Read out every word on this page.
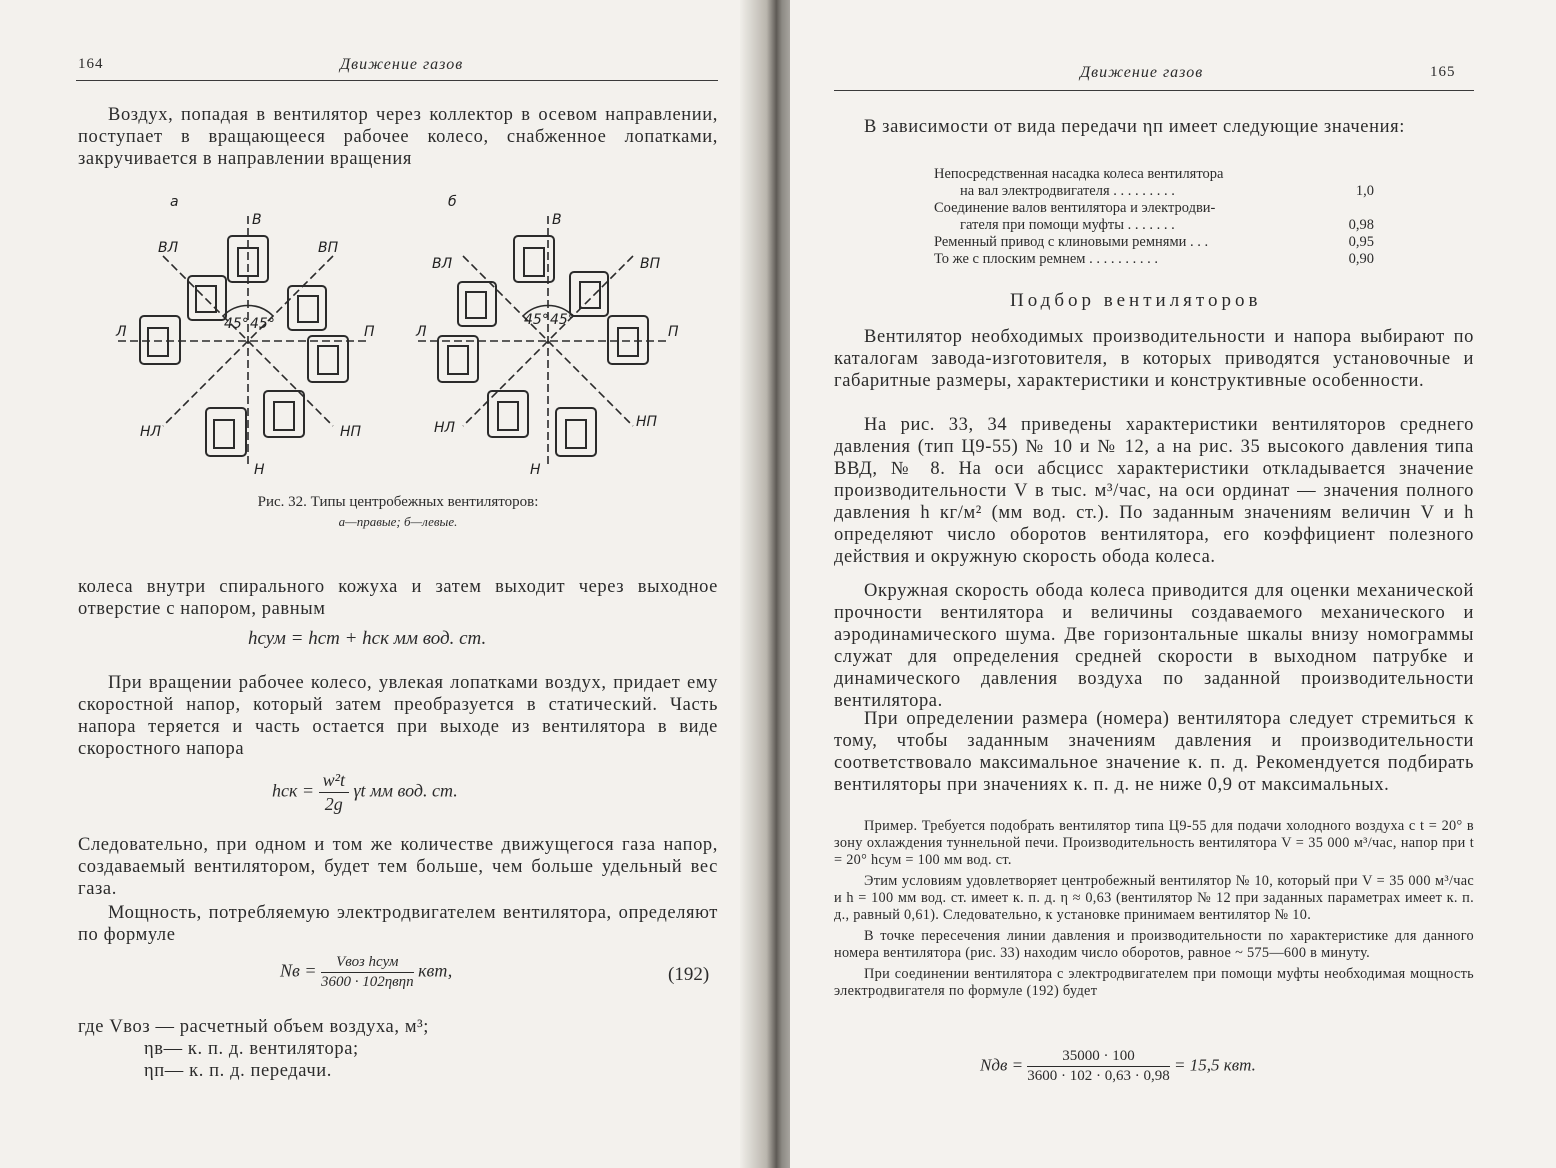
164	Движение газов

Воздух, попадая в вентилятор через коллектор в осевом направлении, поступает в вращающееся рабочее колесо, снабженное лопатками, закручивается в направлении вращения

a	б
В
ВЛ	ВП
Л	П
НЛ	НП
Н
45° 45°
В
ВЛ	ВП
Л	П
НЛ	НП
Н
45° 45°
Рис. 32. Типы центробежных вентиляторов:
а—правые; б—левые.

колеса внутри спирального кожуха и затем выходит через выходное отверстие с напором, равным

hсум = hст + hск мм вод. ст.

При вращении рабочее колесо, увлекая лопатками воздух, придает ему скоростной напор, который затем преобразуется в статический. Часть напора теряется и часть остается при выходе из вентилятора в виде скоростного напора

hск = $\frac{\text{w²t}}{2g}$ γt мм вод. ст.

Следовательно, при одном и том же количестве движущегося газа напор, создаваемый вентилятором, будет тем больше, чем больше удельный вес газа.

Мощность, потребляемую электродвигателем вентилятора, определяют по формуле

Nв = $\frac{\text{Vвоз hсум}}{\text{3600 · 102ηвηп}}$ квт,	(192)
где Vвоз — расчетный объем воздуха, м³;
ηв— к. п. д. вентилятора;
ηп— к. п. д. передачи.
Движение газов	165

В зависимости от вида передачи ηп имеет следующие значения:

Непосредственная насадка колеса вентилятора	
на вал электродвигателя . . . . . . . . .	1,0
Соединение валов вентилятора и электродви-	
гателя при помощи муфты . . . . . . .	0,98
Ременный привод с клиновыми ремнями . . .	0,95
То же с плоским ремнем . . . . . . . . . .	0,90
Подбор вентиляторов

Вентилятор необходимых производительности и напора выбирают по каталогам завода-изготовителя, в которых приводятся установочные и габаритные размеры, характеристики и конструктивные особенности.

На рис. 33, 34 приведены характеристики вентиляторов среднего давления (тип Ц9-55) № 10 и № 12, а на рис. 35 высокого давления типа ВВД, № 8. На оси абсцисс характеристики откладывается значение производительности V в тыс. м³/час, на оси ординат — значения полного давления h кг/м² (мм вод. ст.). По заданным значениям величин V и h определяют число оборотов вентилятора, его коэффициент полезного действия и окружную скорость обода колеса.

Окружная скорость обода колеса приводится для оценки механической прочности вентилятора и величины создаваемого механического и аэродинамического шума. Две горизонтальные шкалы внизу номограммы служат для определения средней скорости в выходном патрубке и динамического давления воздуха по заданной производительности вентилятора.

При определении размера (номера) вентилятора следует стремиться к тому, чтобы заданным значениям давления и производительности соответствовало максимальное значение к. п. д. Рекомендуется подбирать вентиляторы при значениях к. п. д. не ниже 0,9 от максимальных.

Пример. Требуется подобрать вентилятор типа Ц9-55 для подачи холодного воздуха с t = 20° в зону охлаждения туннельной печи. Производительность вентилятора V = 35 000 м³/час, напор при t = 20° hсум = 100 мм вод. ст.

Этим условиям удовлетворяет центробежный вентилятор № 10, который при V = 35 000 м³/час и h = 100 мм вод. ст. имеет к. п. д. η ≈ 0,63 (вентилятор № 12 при заданных параметрах имеет к. п. д., равный 0,61). Следовательно, к установке принимаем вентилятор № 10.

В точке пересечения линии давления и производительности по характеристике для данного номера вентилятора (рис. 33) находим число оборотов, равное ~ 575—600 в минуту.

При соединении вентилятора с электродвигателем при помощи муфты необходимая мощность электродвигателя по формуле (192) будет

Nдв = $\frac{35000 \cdot 100}{3600 \cdot 102 \cdot 0,63 \cdot 0,98} = 15,5$ квт.
